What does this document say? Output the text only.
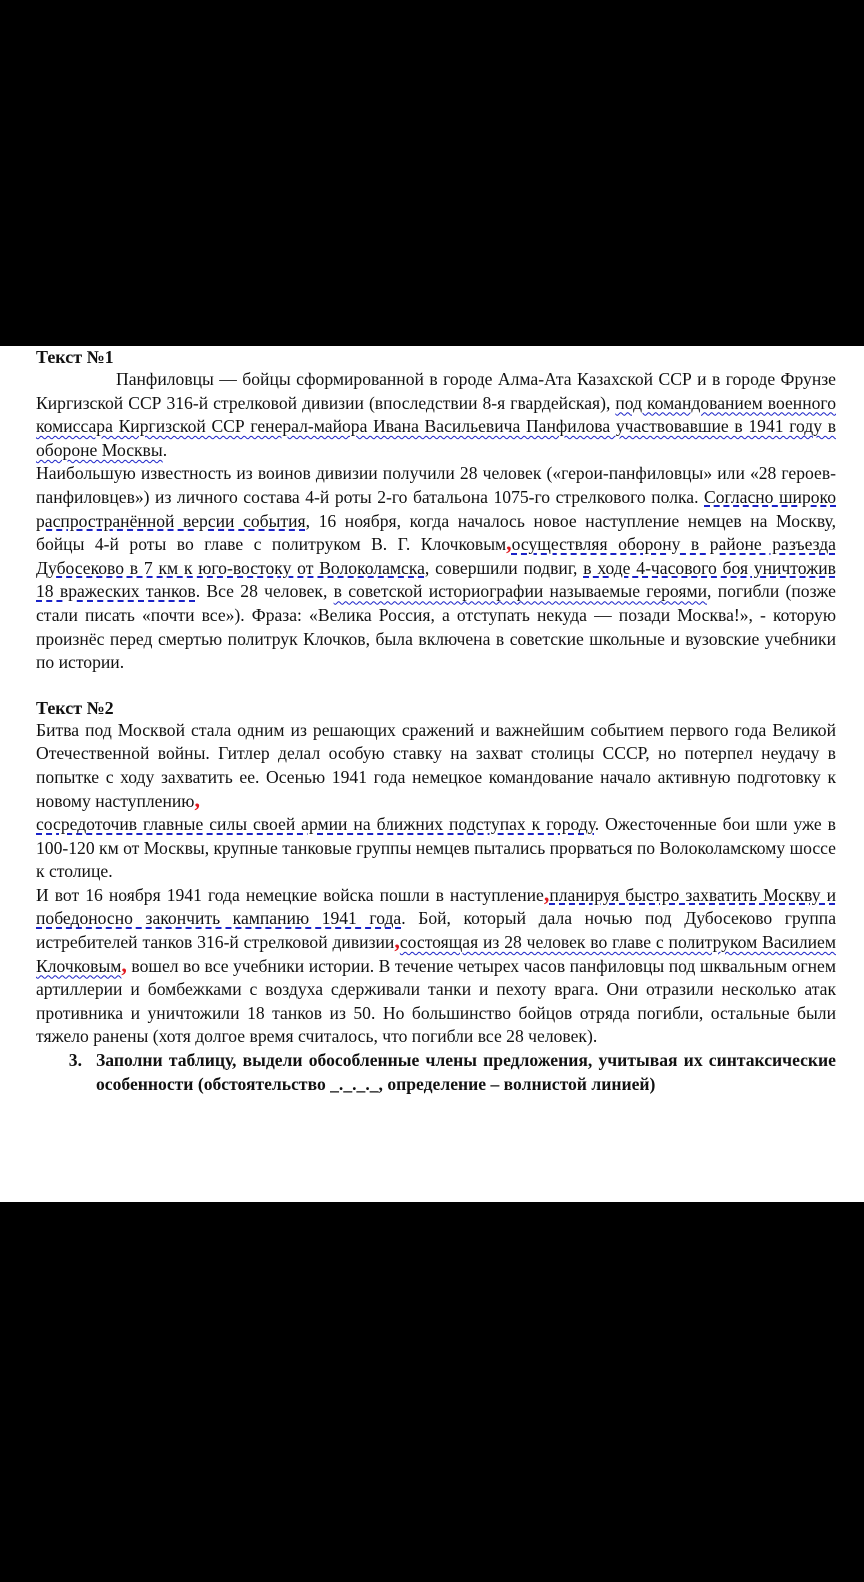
Текст №1

Панфиловцы — бойцы сформированной в городе Алма-Ата Казахской ССР и в городе Фрунзе Киргизской ССР 316-й стрелковой дивизии (впоследствии 8-я гвардейская), под командованием военного комиссара Киргизской ССР генерал-майора Ивана Васильевича Панфилова участвовавшие в 1941 году в обороне Москвы.

Наибольшую известность из воинов дивизии получили 28 человек («герои-панфиловцы» или «28 героев-панфиловцев») из личного состава 4-й роты 2-го батальона 1075-го стрелкового полка. Согласно широко распространённой версии события, 16 ноября, когда началось новое наступление немцев на Москву, бойцы 4-й роты во главе с политруком В. Г. Клочковым,осуществляя оборону в районе разъезда Дубосеково в 7 км к юго-востоку от Волоколамска, совершили подвиг, в ходе 4-часового боя уничтожив 18 вражеских танков. Все 28 человек, в советской историографии называемые героями, погибли (позже стали писать «почти все»). Фраза: «Велика Россия, а отступать некуда — позади Москва!», - которую произнёс перед смертью политрук Клочков, была включена в советские школьные и вузовские учебники по истории.

Текст №2

Битва под Москвой стала одним из решающих сражений и важнейшим событием первого года Великой Отечественной войны. Гитлер делал особую ставку на захват столицы СССР, но потерпел неудачу в попытке с ходу захватить ее. Осенью 1941 года немецкое командование начало активную подготовку к новому наступлению,
сосредоточив главные силы своей армии на ближних подступах к городу. Ожесточенные бои шли уже в 100-120 км от Москвы, крупные танковые группы немцев пытались прорваться по Волоколамскому шоссе к столице.

И вот 16 ноября 1941 года немецкие войска пошли в наступление,планируя быстро захватить Москву и победоносно закончить кампанию 1941 года. Бой, который дала ночью под Дубосеково группа истребителей танков 316-й стрелковой дивизии,состоящая из 28 человек во главе с политруком Василием Клочковым, вошел во все учебники истории. В течение четырех часов панфиловцы под шквальным огнем артиллерии и бомбежками с воздуха сдерживали танки и пехоту врага. Они отразили несколько атак противника и уничтожили 18 танков из 50. Но большинство бойцов отряда погибли, остальные были тяжело ранены (хотя долгое время считалось, что погибли все 28 человек).

3. Заполни таблицу, выдели обособленные члены предложения, учитывая их синтаксические особенности (обстоятельство _._._._, определение – волнистой линией)
